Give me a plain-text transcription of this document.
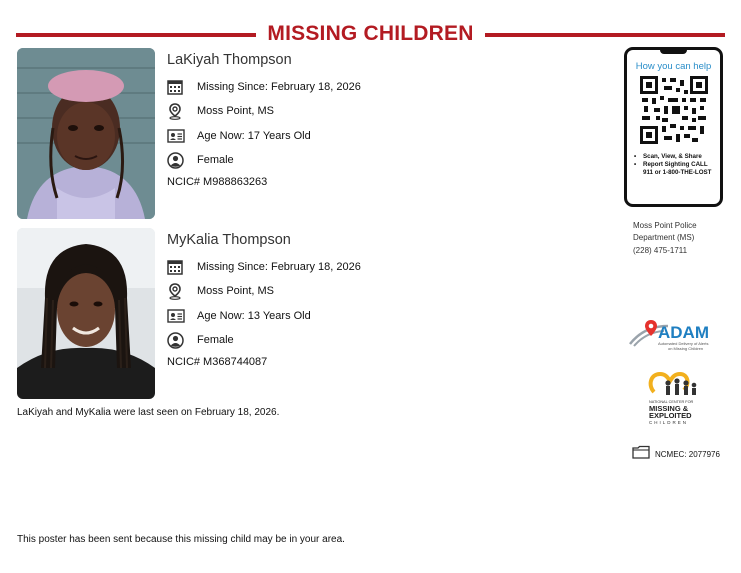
MISSING CHILDREN
LaKiyah Thompson
Missing Since: February 18, 2026
Moss Point, MS
Age Now: 17 Years Old
Female
NCIC# M988863263
MyKalia Thompson
Missing Since: February 18, 2026
Moss Point, MS
Age Now: 13 Years Old
Female
NCIC# M368744087
LaKiyah and MyKalia were last seen on February 18, 2026.
This poster has been sent because this missing child may be in your area.
How you can help
• Scan, View, & Share
• Report Sighting CALL 911 or 1-800-THE-LOST
Moss Point Police
Department (MS)
(228) 475-1711
ADAM
Automated Delivery of Alerts
on Missing Children
NATIONAL CENTER FOR
MISSING &
EXPLOITED
CHILDREN
NCMEC: 2077976
